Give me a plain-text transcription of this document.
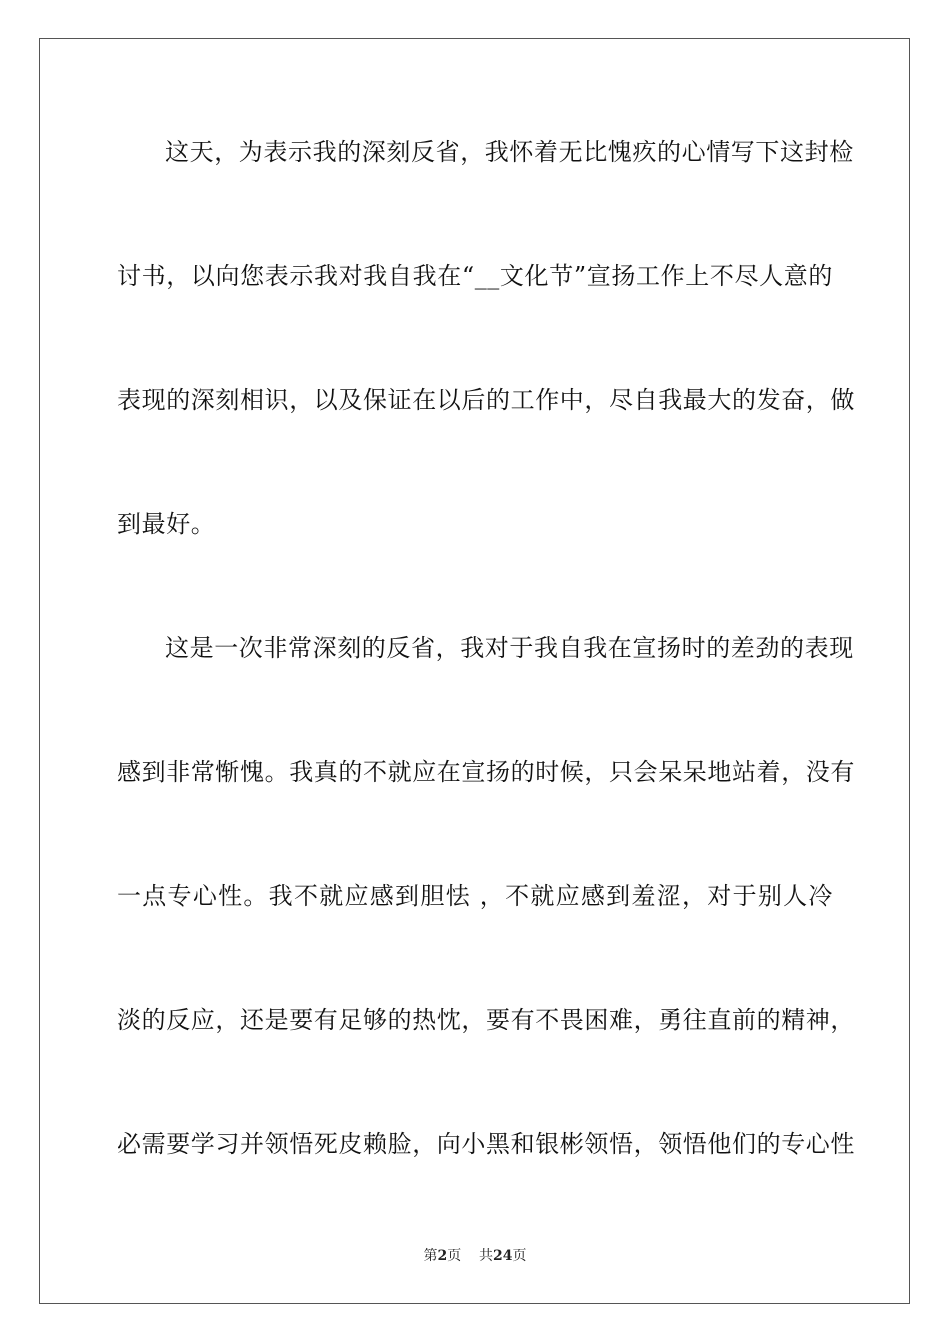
这天，为表示我的深刻反省，我怀着无比愧疚的心情写下这封检
讨书，以向您表示我对我自我在“__文化节”宣扬工作上不尽人意的
表现的深刻相识，以及保证在以后的工作中，尽自我最大的发奋，做
到最好。
这是一次非常深刻的反省，我对于我自我在宣扬时的差劲的表现
感到非常惭愧。我真的不就应在宣扬的时候，只会呆呆地站着，没有
一点专心性。我不就应感到胆怯 ，不就应感到羞涩，对于别人冷
淡的反应，还是要有足够的热忱，要有不畏困难，勇往直前的精神，
必需要学习并领悟死皮赖脸，向小黑和银彬领悟，领悟他们的专心性
第2页 共24页
